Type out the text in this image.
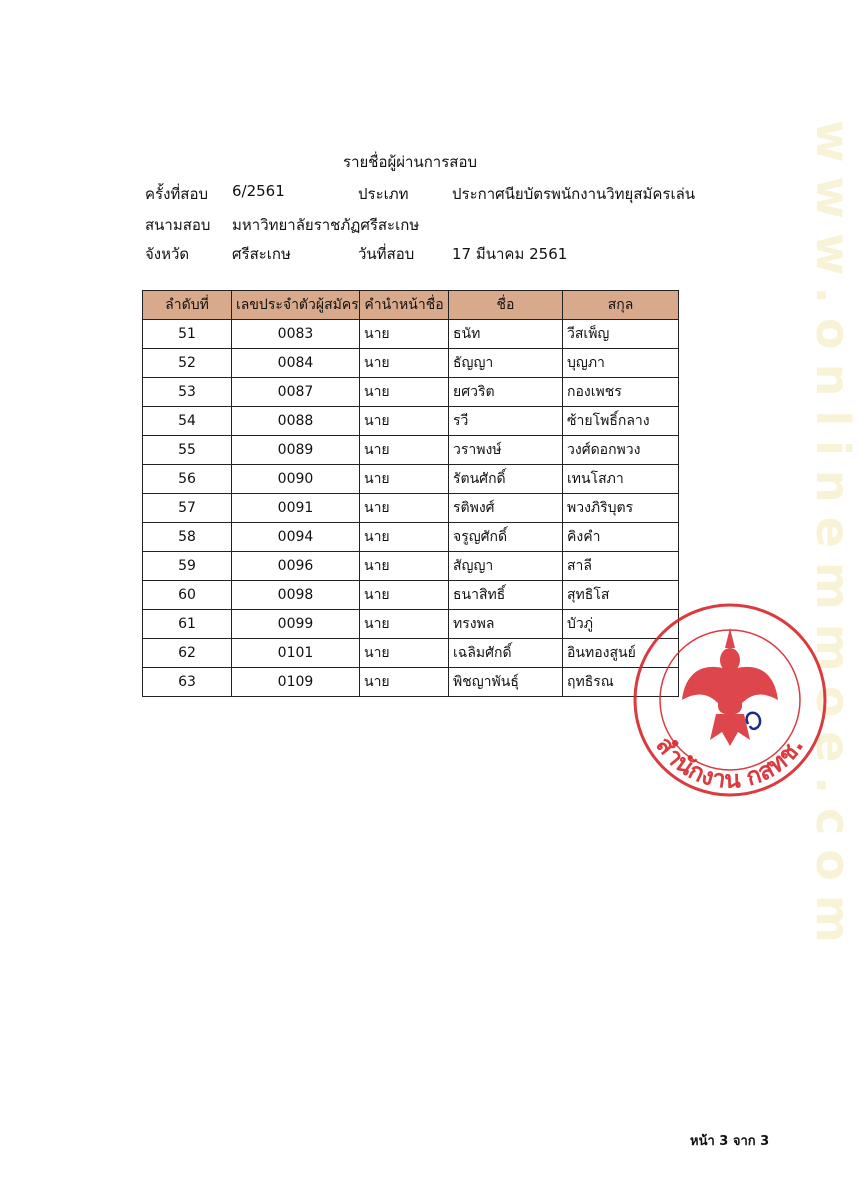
www.onlinemmoe.com
รายชื่อผู้ผ่านการสอบ
ครั้งที่สอบ 6/2561	ประเภท	ประกาศนียบัตรพนักงานวิทยุสมัครเล่น
สนามสอบ มหาวิทยาลัยราชภัฏศรีสะเกษ
จังหวัด	ศรีสะเกษ	วันที่สอบ	17 มีนาคม 2561
ลำดับที่	เลขประจำตัวผู้สมัคร	คำนำหน้าชื่อ	ชื่อ	สกุล
51	0083	นาย	ธนัท	วีสเพ็ญ
52	0084	นาย	ธัญญา	บุญภา
53	0087	นาย	ยศวริต	กองเพชร
54	0088	นาย	รวี	ซ้ายโพธิ์กลาง
55	0089	นาย	วราพงษ์	วงศ์ดอกพวง
56	0090	นาย	รัตนศักดิ์	เทนโสภา
57	0091	นาย	รติพงศ์	พวงภิริบุตร
58	0094	นาย	จรูญศักดิ์	คิงคำ
59	0096	นาย	สัญญา	สาลี
60	0098	นาย	ธนาสิทธิ์	สุทธิโส
61	0099	นาย	ทรงพล	บัวภู่
62	0101	นาย	เฉลิมศักดิ์	อินทองสูนย์
63	0109	นาย	พิชญาพันธุ์	ฤทธิรณ
สำนักงาน กสทช.
หน้า 3 จาก 3
